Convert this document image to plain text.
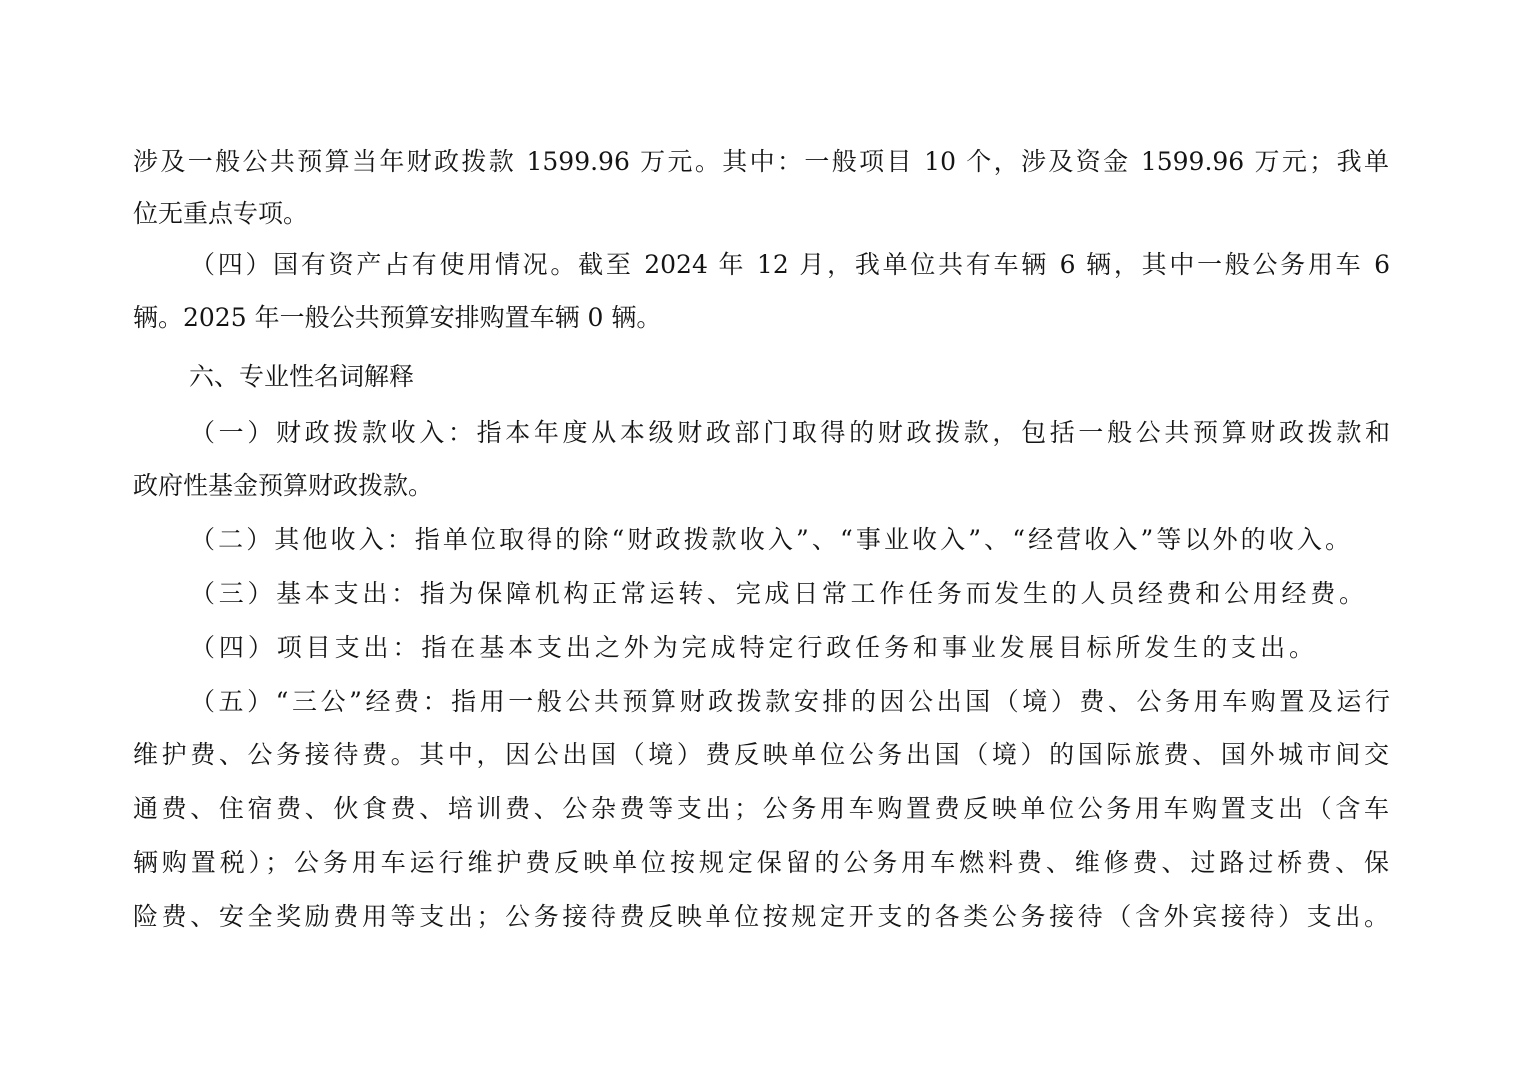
涉及一般公共预算当年财政拨款 1599.96 万元。其中：一般项目 10 个，涉及资金 1599.96 万元；我单
位无重点专项。
（四）国有资产占有使用情况。截至 2024 年 12 月，我单位共有车辆 6 辆，其中一般公务用车 6
辆。2025 年一般公共预算安排购置车辆 0 辆。
六、专业性名词解释
（一）财政拨款收入：指本年度从本级财政部门取得的财政拨款，包括一般公共预算财政拨款和
政府性基金预算财政拨款。
（二）其他收入：指单位取得的除“财政拨款收入”、“事业收入”、“经营收入”等以外的收入。
（三）基本支出：指为保障机构正常运转、完成日常工作任务而发生的人员经费和公用经费。
（四）项目支出：指在基本支出之外为完成特定行政任务和事业发展目标所发生的支出。
（五）“三公”经费：指用一般公共预算财政拨款安排的因公出国（境）费、公务用车购置及运行
维护费、公务接待费。其中，因公出国（境）费反映单位公务出国（境）的国际旅费、国外城市间交
通费、住宿费、伙食费、培训费、公杂费等支出；公务用车购置费反映单位公务用车购置支出（含车
辆购置税）；公务用车运行维护费反映单位按规定保留的公务用车燃料费、维修费、过路过桥费、保
险费、安全奖励费用等支出；公务接待费反映单位按规定开支的各类公务接待（含外宾接待）支出。
